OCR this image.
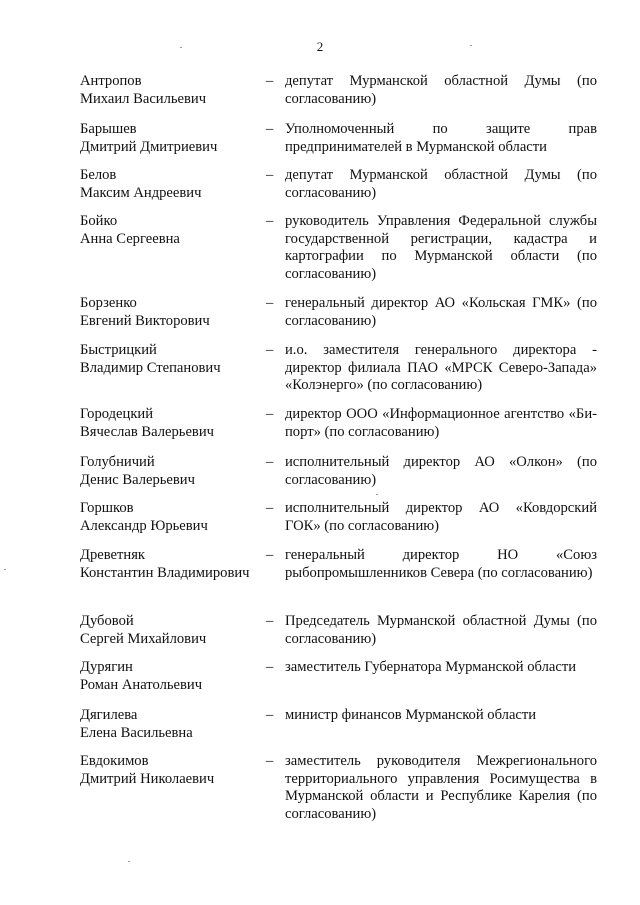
2
Антропов
Михаил Васильевич
– депутат Мурманской областной Думы (по согласованию)
Барышев
Дмитрий Дмитриевич
– Уполномоченный по защите прав предпринимателей в Мурманской области
Белов
Максим Андреевич
– депутат Мурманской областной Думы (по согласованию)
Бойко
Анна Сергеевна
– руководитель Управления Федеральной службы государственной регистрации, кадастра и картографии по Мурманской области (по согласованию)
Борзенко
Евгений Викторович
– генеральный директор АО «Кольская ГМК» (по согласованию)
Быстрицкий
Владимир Степанович
– и.о. заместителя генерального директора - директор филиала ПАО «МРСК Северо-Запада» «Колэнерго» (по согласованию)
Городецкий
Вячеслав Валерьевич
– директор ООО «Информационное агентство «Би-порт» (по согласованию)
Голубничий
Денис Валерьевич
– исполнительный директор АО «Олкон» (по согласованию)
Горшков
Александр Юрьевич
– исполнительный директор АО «Ковдорский ГОК» (по согласованию)
Древетняк
Константин Владимирович
– генеральный директор НО «Союз рыбопромышленников Севера (по согласованию)
Дубовой
Сергей Михайлович
– Председатель Мурманской областной Думы (по согласованию)
Дурягин
Роман Анатольевич
– заместитель Губернатора Мурманской области
Дягилева
Елена Васильевна
– министр финансов Мурманской области
Евдокимов
Дмитрий Николаевич
– заместитель руководителя Межрегионального территориального управления Росимущества в Мурманской области и Республике Карелия (по согласованию)
